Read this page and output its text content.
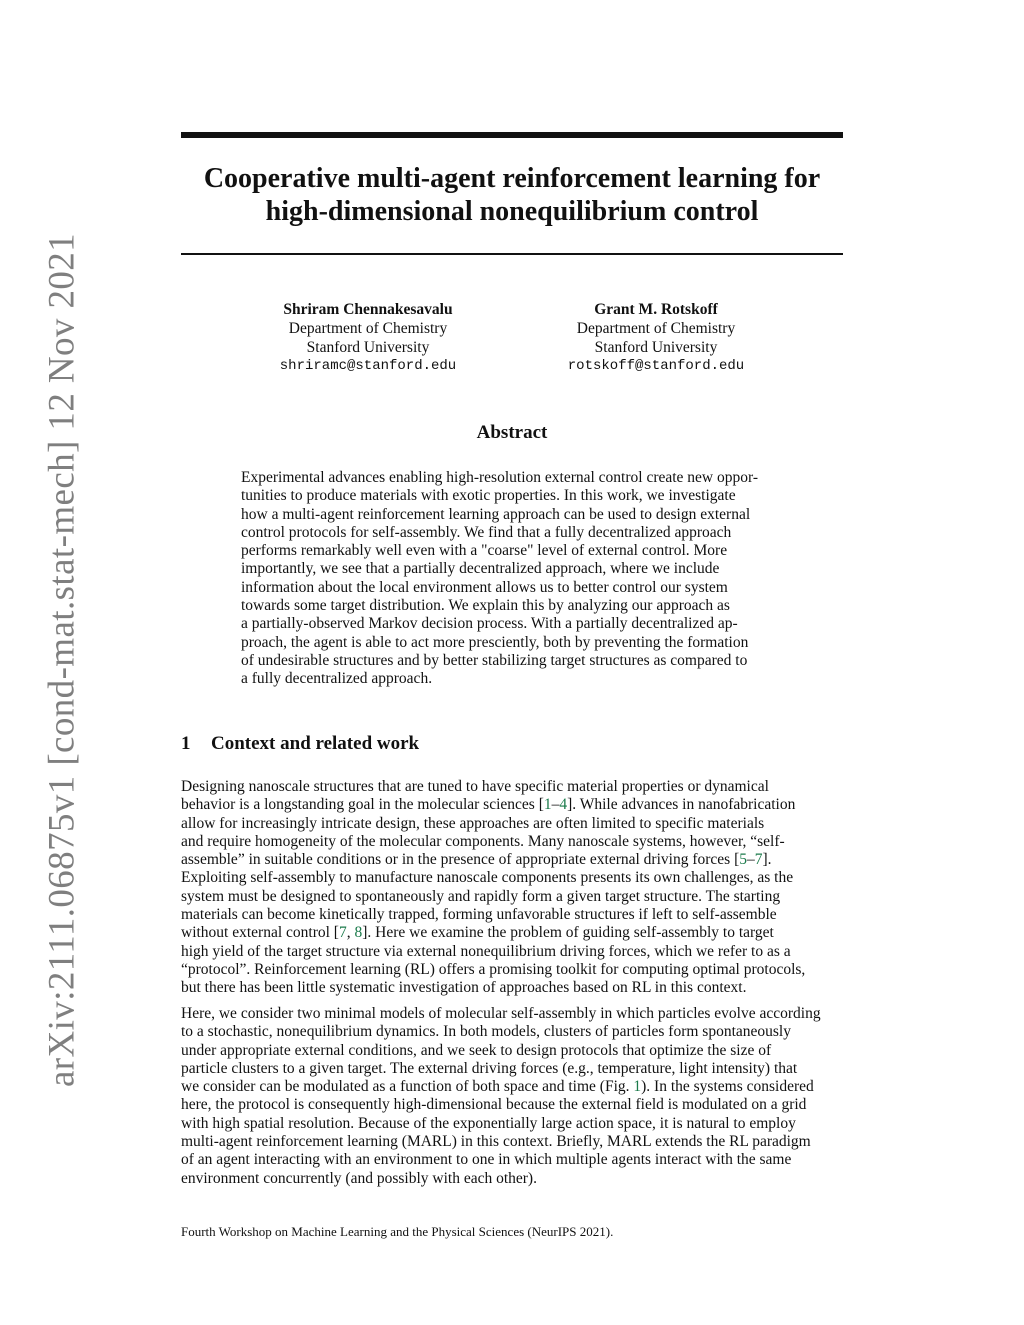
arXiv:2111.06875v1 [cond-mat.stat-mech] 12 Nov 2021
Cooperative multi-agent reinforcement learning for
high-dimensional nonequilibrium control
Shriram Chennakesavalu
Department of Chemistry
Stanford University
shriramc@stanford.edu
Grant M. Rotskoff
Department of Chemistry
Stanford University
rotskoff@stanford.edu
Abstract
Experimental advances enabling high-resolution external control create new oppor-
tunities to produce materials with exotic properties. In this work, we investigate
how a multi-agent reinforcement learning approach can be used to design external
control protocols for self-assembly. We find that a fully decentralized approach
performs remarkably well even with a "coarse" level of external control. More
importantly, we see that a partially decentralized approach, where we include
information about the local environment allows us to better control our system
towards some target distribution. We explain this by analyzing our approach as
a partially-observed Markov decision process. With a partially decentralized ap-
proach, the agent is able to act more presciently, both by preventing the formation
of undesirable structures and by better stabilizing target structures as compared to
a fully decentralized approach.
1 Context and related work
Designing nanoscale structures that are tuned to have specific material properties or dynamical
behavior is a longstanding goal in the molecular sciences [1–4]. While advances in nanofabrication
allow for increasingly intricate design, these approaches are often limited to specific materials
and require homogeneity of the molecular components. Many nanoscale systems, however, “self-
assemble” in suitable conditions or in the presence of appropriate external driving forces [5–7].
Exploiting self-assembly to manufacture nanoscale components presents its own challenges, as the
system must be designed to spontaneously and rapidly form a given target structure. The starting
materials can become kinetically trapped, forming unfavorable structures if left to self-assemble
without external control [7, 8]. Here we examine the problem of guiding self-assembly to target
high yield of the target structure via external nonequilibrium driving forces, which we refer to as a
“protocol”. Reinforcement learning (RL) offers a promising toolkit for computing optimal protocols,
but there has been little systematic investigation of approaches based on RL in this context.
Here, we consider two minimal models of molecular self-assembly in which particles evolve according
to a stochastic, nonequilibrium dynamics. In both models, clusters of particles form spontaneously
under appropriate external conditions, and we seek to design protocols that optimize the size of
particle clusters to a given target. The external driving forces (e.g., temperature, light intensity) that
we consider can be modulated as a function of both space and time (Fig. 1). In the systems considered
here, the protocol is consequently high-dimensional because the external field is modulated on a grid
with high spatial resolution. Because of the exponentially large action space, it is natural to employ
multi-agent reinforcement learning (MARL) in this context. Briefly, MARL extends the RL paradigm
of an agent interacting with an environment to one in which multiple agents interact with the same
environment concurrently (and possibly with each other).
Fourth Workshop on Machine Learning and the Physical Sciences (NeurIPS 2021).
